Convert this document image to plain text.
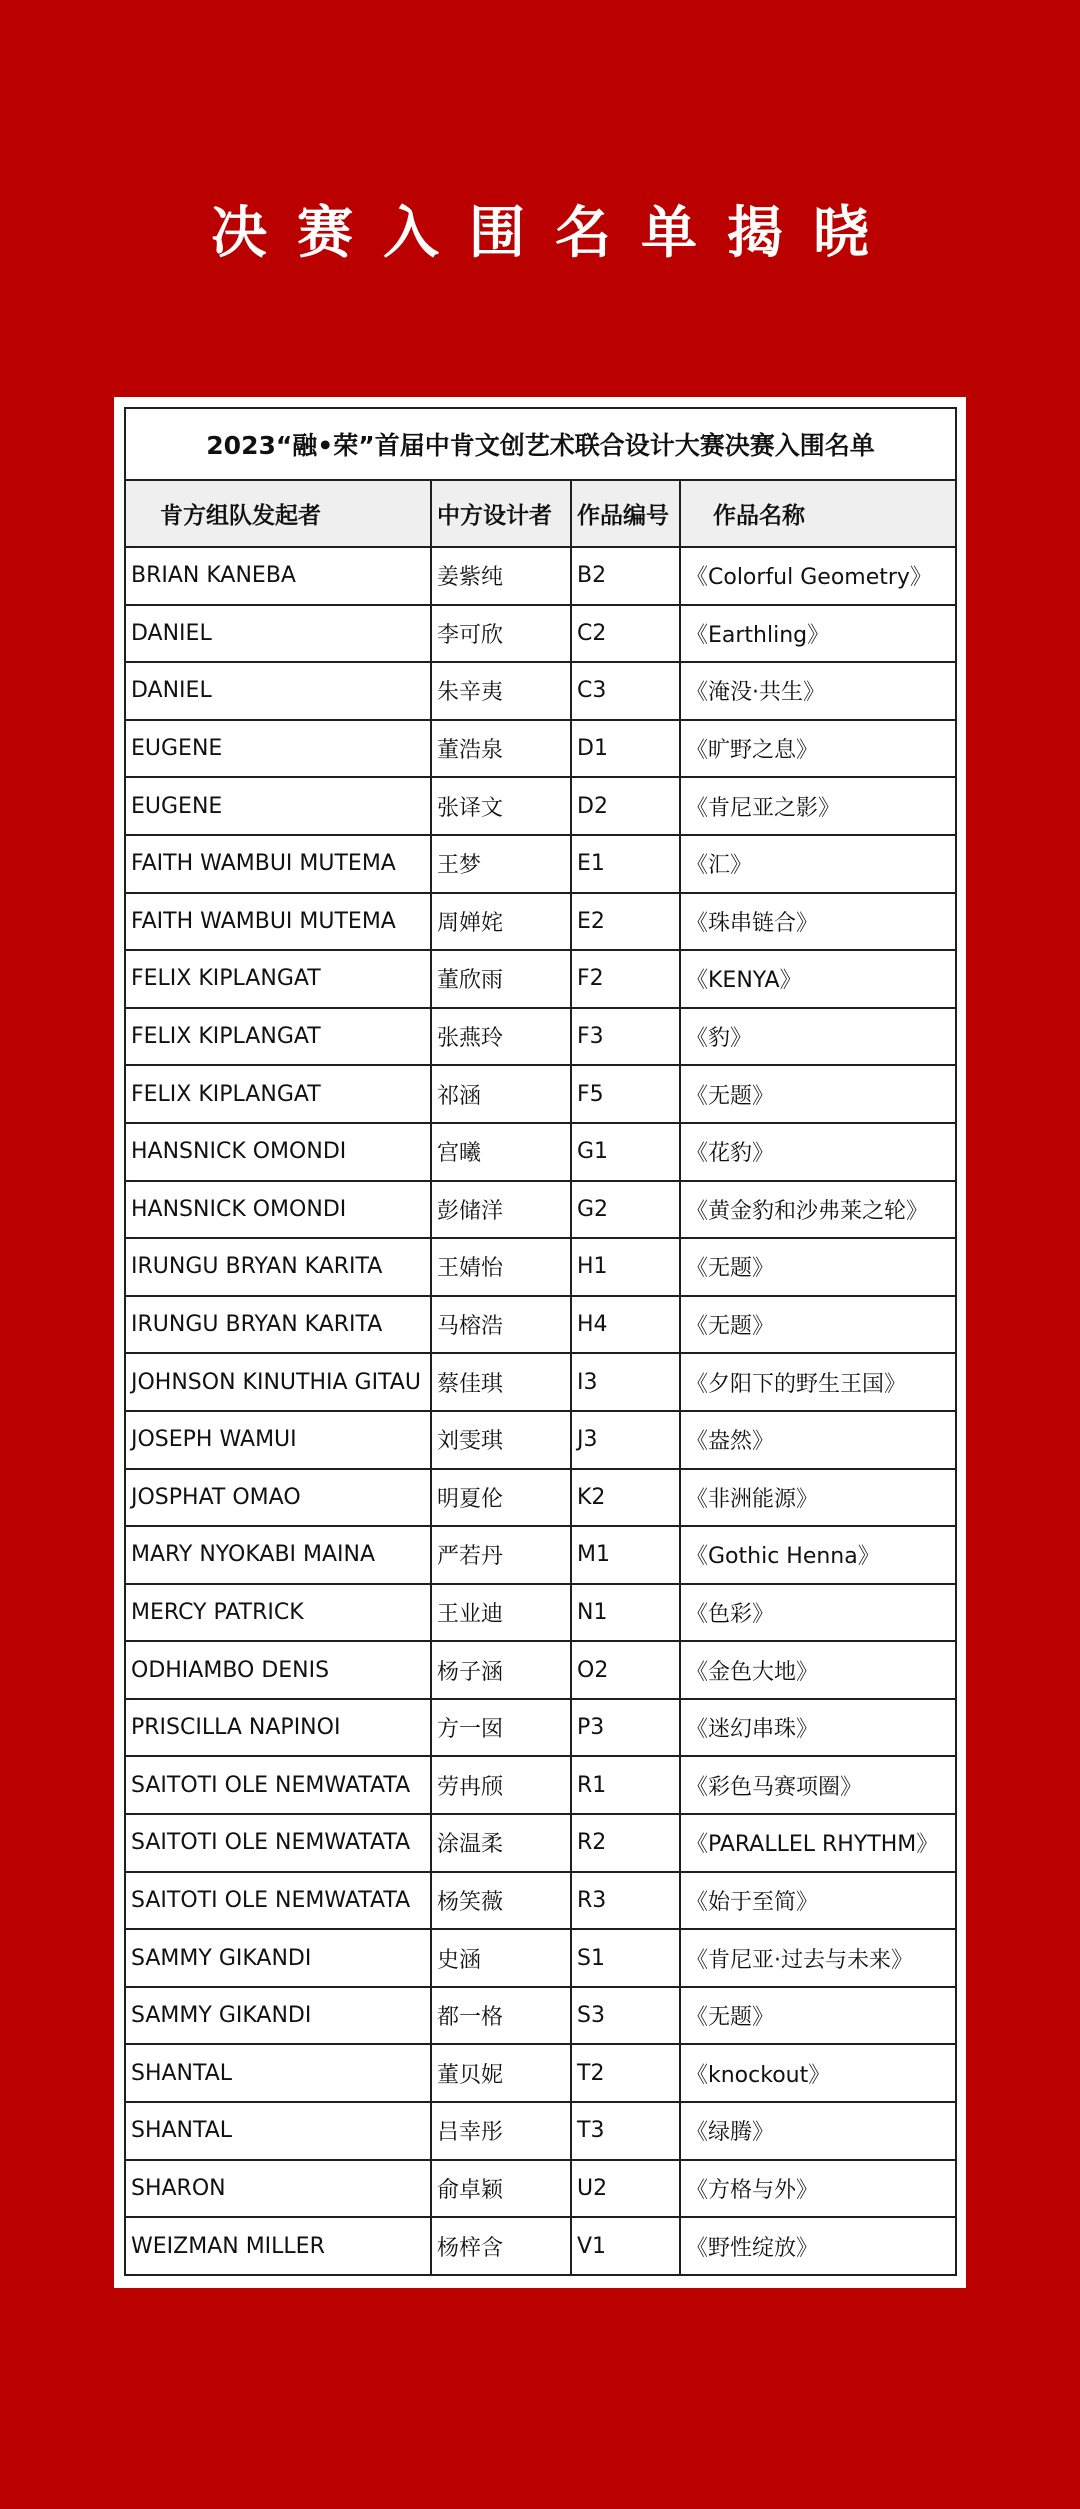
决赛入围名单揭晓
2023“融•荣”首届中肯文创艺术联合设计大赛决赛入围名单			
肯方组队发起者	中方设计者	作品编号	作品名称
BRIAN KANEBA	姜紫纯	B2	《Colorful Geometry》
DANIEL	李可欣	C2	《Earthling》
DANIEL	朱辛夷	C3	《淹没·共生》
EUGENE	董浩泉	D1	《旷野之息》
EUGENE	张译文	D2	《肯尼亚之影》
FAITH WAMBUI MUTEMA	王梦	E1	《汇》
FAITH WAMBUI MUTEMA	周婵姹	E2	《珠串链合》
FELIX KIPLANGAT	董欣雨	F2	《KENYA》
FELIX KIPLANGAT	张燕玲	F3	《豹》
FELIX KIPLANGAT	祁涵	F5	《无题》
HANSNICK OMONDI	宫曦	G1	《花豹》
HANSNICK OMONDI	彭储洋	G2	《黄金豹和沙弗莱之轮》
IRUNGU BRYAN KARITA	王婧怡	H1	《无题》
IRUNGU BRYAN KARITA	马榕浩	H4	《无题》
JOHNSON KINUTHIA GITAU	蔡佳琪	I3	《夕阳下的野生王国》
JOSEPH WAMUI	刘雯琪	J3	《盎然》
JOSPHAT OMAO	明夏伦	K2	《非洲能源》
MARY NYOKABI MAINA	严若丹	M1	《Gothic Henna》
MERCY PATRICK	王业迪	N1	《色彩》
ODHIAMBO DENIS	杨子涵	O2	《金色大地》
PRISCILLA NAPINOI	方一囡	P3	《迷幻串珠》
SAITOTI OLE NEMWATATA	劳冉颀	R1	《彩色马赛项圈》
SAITOTI OLE NEMWATATA	涂温柔	R2	《PARALLEL RHYTHM》
SAITOTI OLE NEMWATATA	杨笑薇	R3	《始于至简》
SAMMY GIKANDI	史涵	S1	《肯尼亚·过去与未来》
SAMMY GIKANDI	都一格	S3	《无题》
SHANTAL	董贝妮	T2	《knockout》
SHANTAL	吕幸彤	T3	《绿腾》
SHARON	俞卓颖	U2	《方格与外》
WEIZMAN MILLER	杨梓含	V1	《野性绽放》
